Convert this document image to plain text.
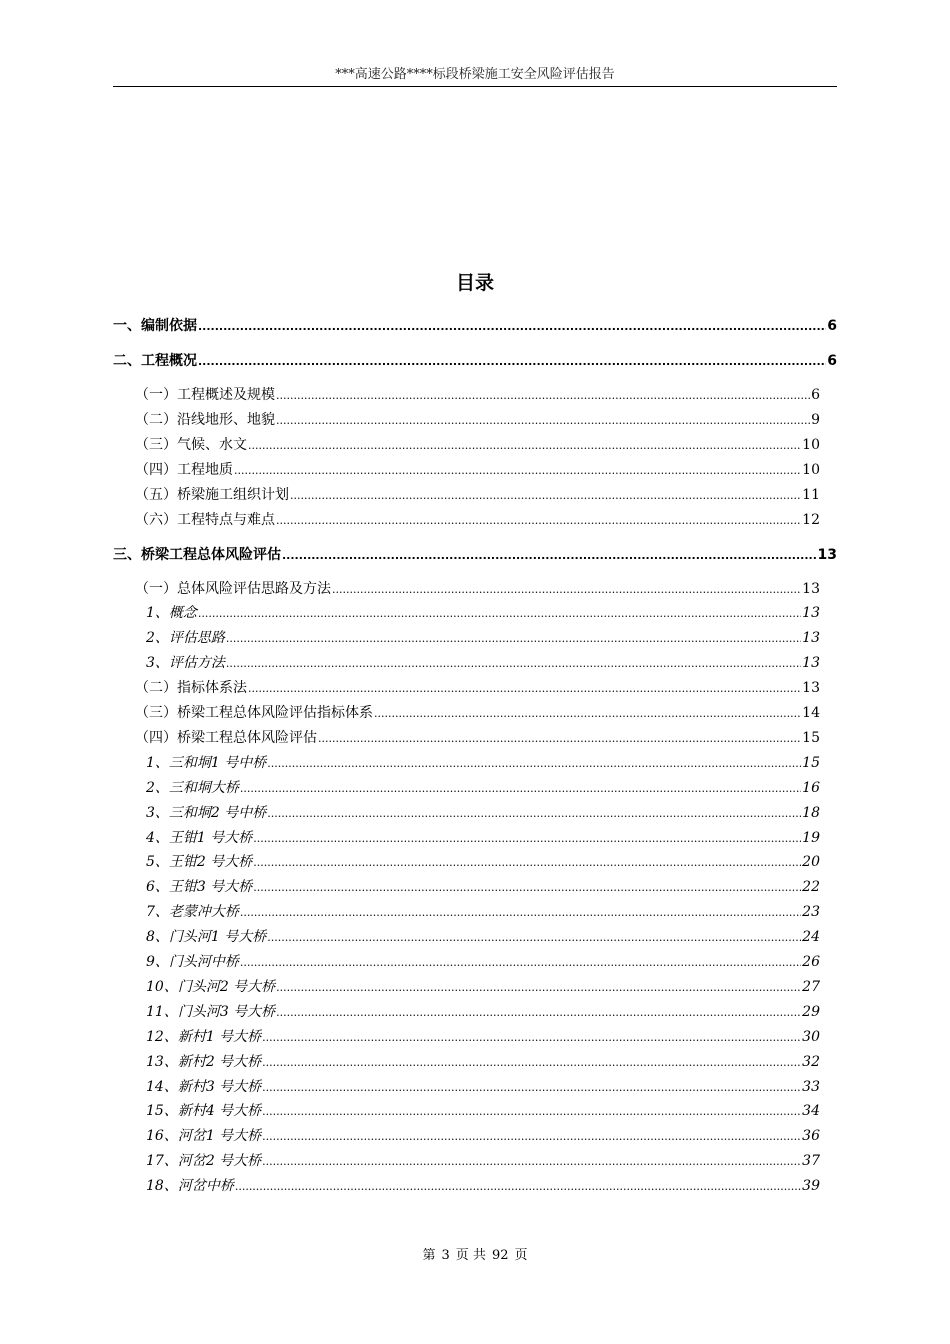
***高速公路****标段桥梁施工安全风险评估报告
目录
一、编制依据 .....	6
二、工程概况 .....	6
（一）工程概述及规模 .....	6
（二）沿线地形、地貌 .....	9
（三）气候、水文 .....	10
（四）工程地质 .....	10
（五）桥梁施工组织计划 .....	11
（六）工程特点与难点 .....	12
三、桥梁工程总体风险评估 .....	13
（一）总体风险评估思路及方法 .....	13
1、概念 .....	13
2、评估思路 .....	13
3、评估方法 .....	13
（二）指标体系法 .....	13
（三）桥梁工程总体风险评估指标体系 .....	14
（四）桥梁工程总体风险评估 .....	15
1、三和垌1 号中桥 .....	15
2、三和垌大桥 .....	16
3、三和垌2 号中桥 .....	18
4、王钳1 号大桥 .....	19
5、王钳2 号大桥 .....	20
6、王钳3 号大桥 .....	22
7、老蒙冲大桥 .....	23
8、门头河1 号大桥 .....	24
9、门头河中桥 .....	26
10、门头河2 号大桥 .....	27
11、门头河3 号大桥 .....	29
12、新村1 号大桥 .....	30
13、新村2 号大桥 .....	32
14、新村3 号大桥 .....	33
15、新村4 号大桥 .....	34
16、河岔1 号大桥 .....	36
17、河岔2 号大桥 .....	37
18、河岔中桥 .....	39
第 3 页 共 92 页
